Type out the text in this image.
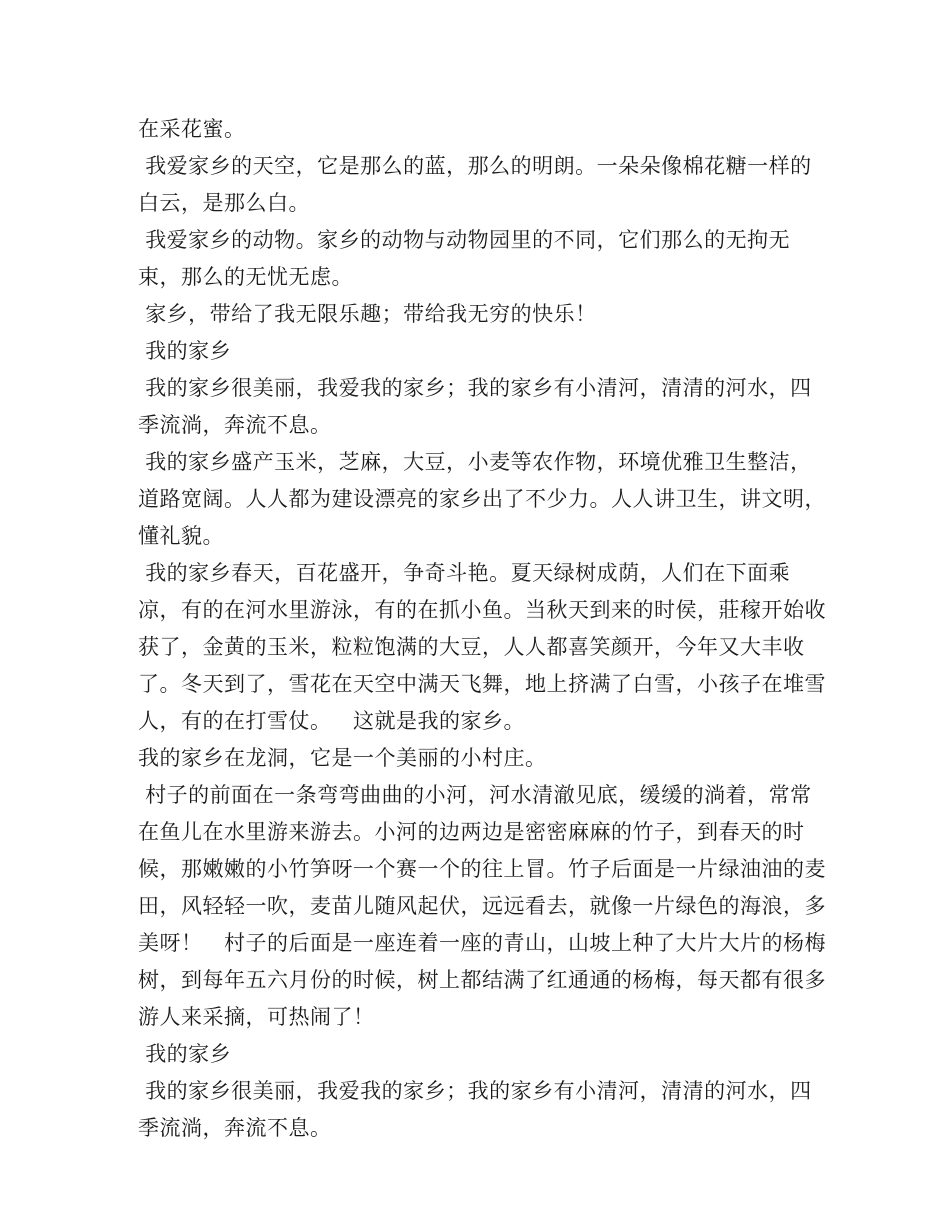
在采花蜜。

我爱家乡的天空，它是那么的蓝，那么的明朗。一朵朵像棉花糖一样的白云，是那么白。

我爱家乡的动物。家乡的动物与动物园里的不同，它们那么的无拘无束，那么的无忧无虑。

家乡，带给了我无限乐趣；带给我无穷的快乐！

我的家乡

我的家乡很美丽，我爱我的家乡；我的家乡有小清河，清清的河水，四季流淌，奔流不息。

我的家乡盛产玉米，芝麻，大豆，小麦等农作物，环境优雅卫生整洁，道路宽阔。人人都为建设漂亮的家乡出了不少力。人人讲卫生，讲文明，懂礼貌。

我的家乡春天，百花盛开，争奇斗艳。夏天绿树成荫，人们在下面乘凉，有的在河水里游泳，有的在抓小鱼。当秋天到来的时侯，莊稼开始收获了，金黄的玉米，粒粒饱满的大豆，人人都喜笑颜开，今年又大丰收了。冬天到了，雪花在天空中满天飞舞，地上挤满了白雪，小孩子在堆雪人，有的在打雪仗。   这就是我的家乡。

我的家乡在龙洞，它是一个美丽的小村庄。

村子的前面在一条弯弯曲曲的小河，河水清澈见底，缓缓的淌着，常常在鱼儿在水里游来游去。小河的边两边是密密麻麻的竹子，到春天的时候，那嫩嫩的小竹笋呀一个赛一个的往上冒。竹子后面是一片绿油油的麦田，风轻轻一吹，麦苗儿随风起伏，远远看去，就像一片绿色的海浪，多美呀！   村子的后面是一座连着一座的青山，山坡上种了大片大片的杨梅树，到每年五六月份的时候，树上都结满了红通通的杨梅，每天都有很多游人来采摘，可热闹了！

我的家乡

我的家乡很美丽，我爱我的家乡；我的家乡有小清河，清清的河水，四季流淌，奔流不息。
